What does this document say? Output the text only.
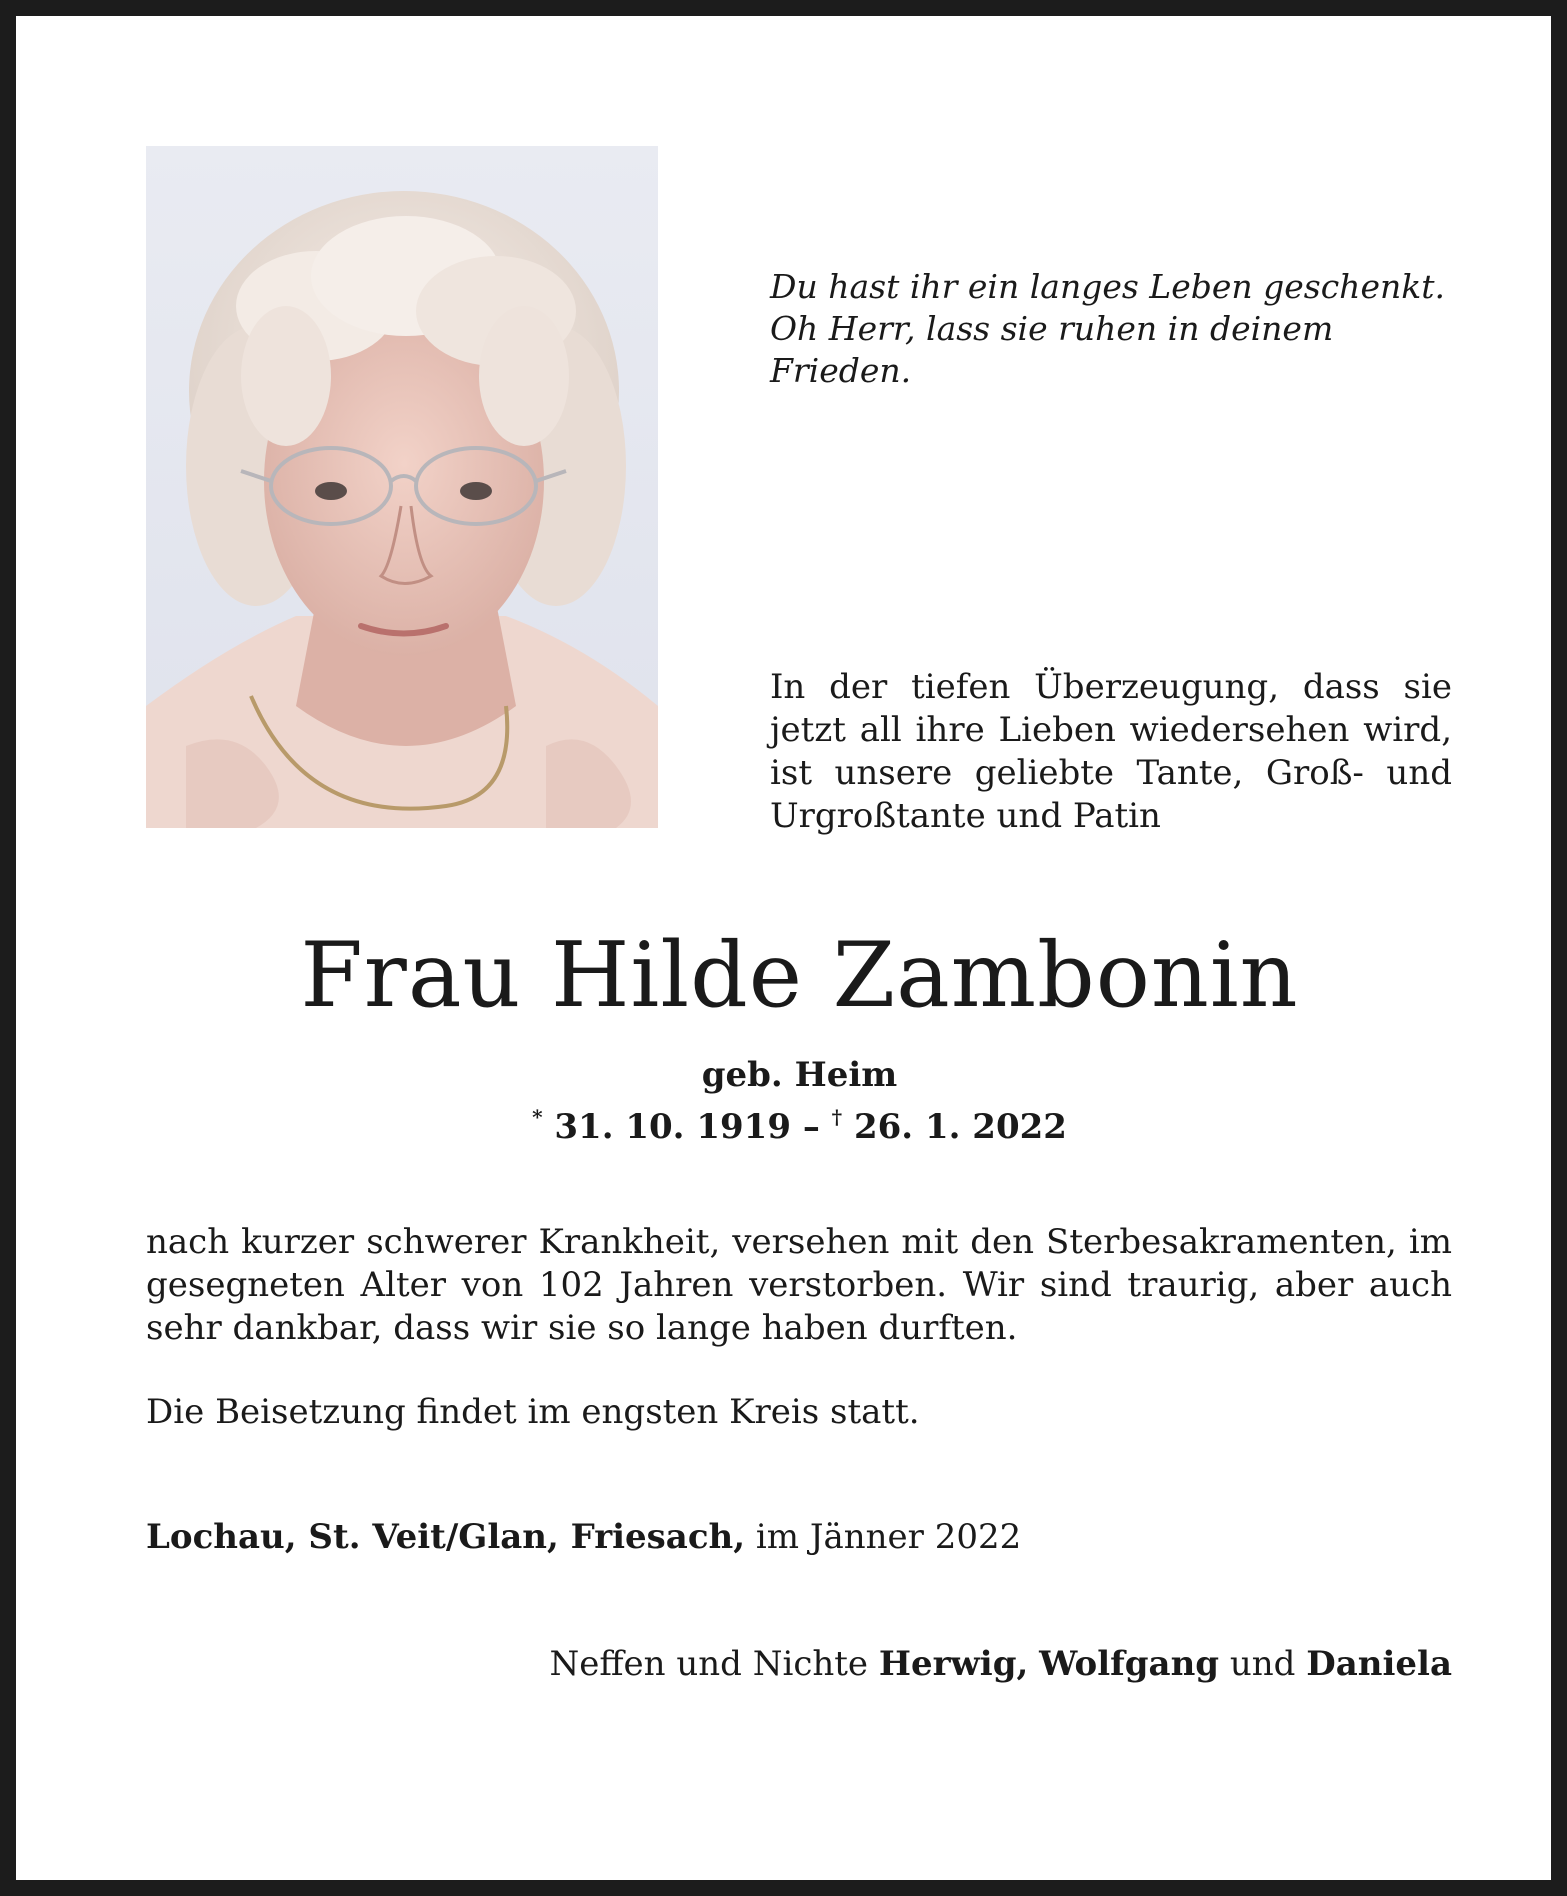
Du hast ihr ein langes Leben geschenkt.
Oh Herr, lass sie ruhen in deinem Frieden.
In der tiefen Überzeugung, dass sie jetzt all ihre Lieben wiedersehen wird, ist unsere geliebte Tante, Groß- und Urgroßtante und Patin
Frau Hilde Zambonin
geb. Heim
* 31. 10. 1919 – † 26. 1. 2022
nach kurzer schwerer Krankheit, versehen mit den Sterbesakramenten, im gesegneten Alter von 102 Jahren verstorben. Wir sind traurig, aber auch sehr dankbar, dass wir sie so lange haben durften.
Die Beisetzung findet im engsten Kreis statt.
Lochau, St. Veit/Glan, Friesach, im Jänner 2022
Neffen und Nichte Herwig, Wolfgang und Daniela
